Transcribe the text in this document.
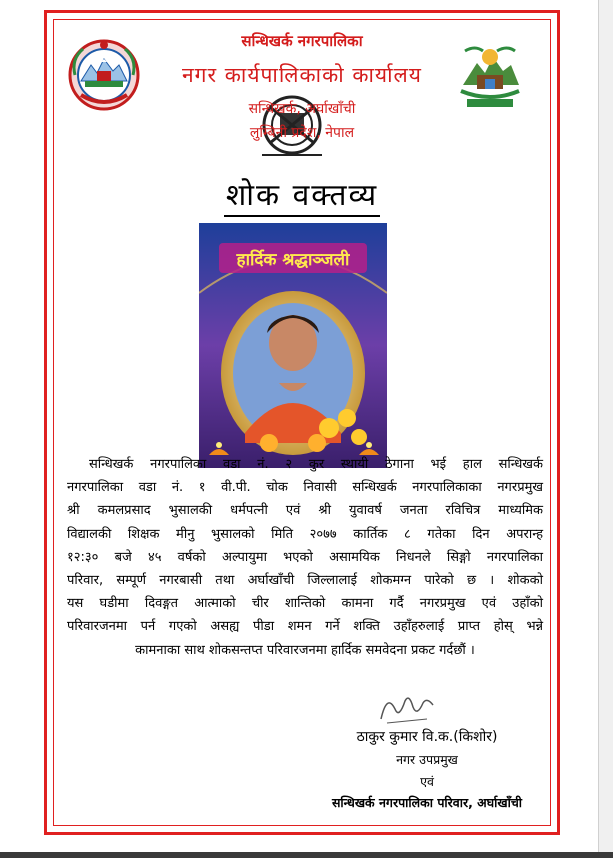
सन्धिखर्क नगरपालिका
नगर कार्यपालिकाको कार्यालय
सन्धिखर्क, अर्घाखाँची
लुम्बिनी प्रदेश, नेपाल
शोक वक्तव्य
हार्दिक श्रद्धाञ्जली
सन्धिखर्क नगरपालिका वडा नं. २ कुर स्थायी ठेगाना भई हाल सन्धिखर्क
नगरपालिका वडा नं. १ वी.पी. चोक निवासी सन्धिखर्क नगरपालिकाका नगरप्रमुख
श्री कमलप्रसाद भुसालकी धर्मपत्नी एवं श्री युवावर्ष जनता रविचित्र माध्यमिक
विद्यालकी शिक्षक मीनु भुसालको मिति २०७७ कार्तिक ८ गतेका दिन अपरान्ह
१२:३० बजे ४५ वर्षको अल्पायुमा भएको असामयिक निधनले सिङ्गो नगरपालिका
परिवार, सम्पूर्ण नगरबासी तथा अर्घाखाँची जिल्लालाई शोकमग्न पारेको छ । शोकको
यस घडीमा दिवङ्गत आत्माको चीर शान्तिको कामना गर्दै नगरप्रमुख एवं उहाँको
परिवारजनमा पर्न गएको असह्य पीडा शमन गर्ने शक्ति उहाँहरुलाई प्राप्त होस् भन्ने
कामनाका साथ शोकसन्तप्त परिवारजनमा हार्दिक समवेदना प्रकट गर्दछौं ।
ठाकुर कुमार वि.क.(किशोर)
नगर उपप्रमुख
एवं
सन्धिखर्क नगरपालिका परिवार, अर्घाखाँची
